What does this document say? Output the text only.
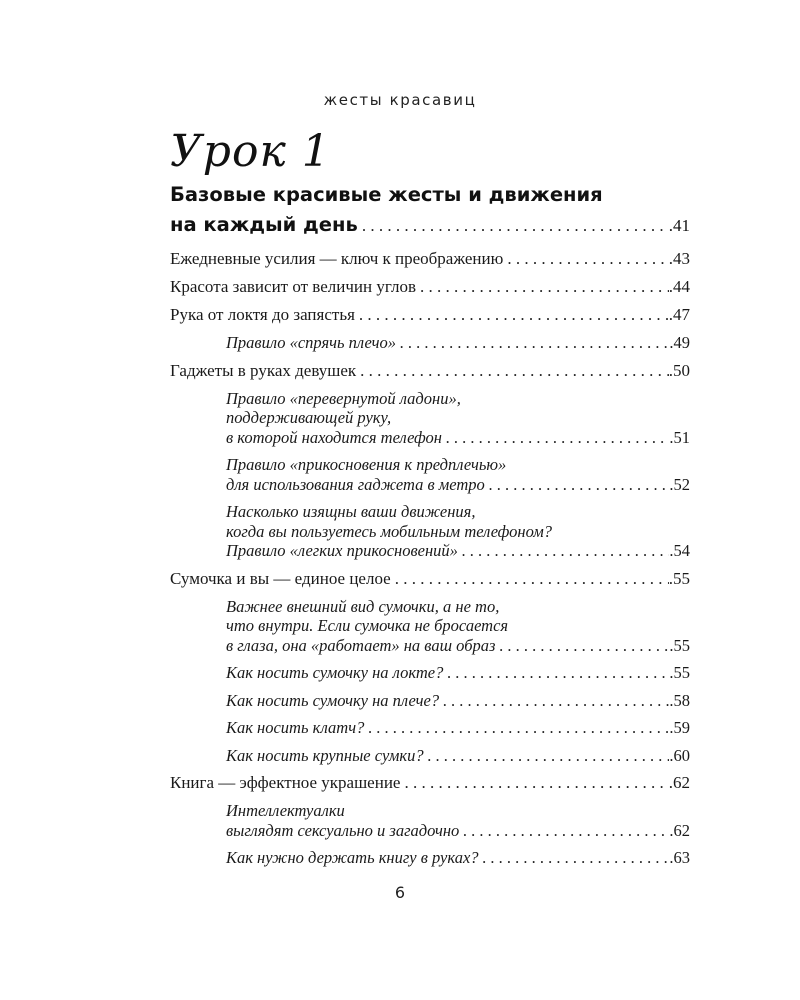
жесты красавиц
Урок 1
Базовые красивые жесты и движения
на каждый день . . .	.41
Ежедневные усилия — ключ к преображению . . .	.43
Красота зависит от величин углов . . .	.44
Рука от локтя до запястья . . .	.47
Правило «спрячь плечо» . . .	.49
Гаджеты в руках девушек . . .	.50
Правило «перевернутой ладони»,
поддерживающей руку,
в которой находится телефон . . .	.51
Правило «прикосновения к предплечью»
для использования гаджета в метро . . .	.52
Насколько изящны ваши движения,
когда вы пользуетесь мобильным телефоном?
Правило «легких прикосновений» . . .	.54
Сумочка и вы — единое целое . . .	.55
Важнее внешний вид сумочки, а не то,
что внутри. Если сумочка не бросается
в глаза, она «работает» на ваш образ . . .	.55
Как носить сумочку на локте? . . .	.55
Как носить сумочку на плече? . . .	.58
Как носить клатч? . . .	.59
Как носить крупные сумки? . . .	.60
Книга — эффектное украшение . . .	.62
Интеллектуалки
выглядят сексуально и загадочно . . .	.62
Как нужно держать книгу в руках? . . .	.63
6
